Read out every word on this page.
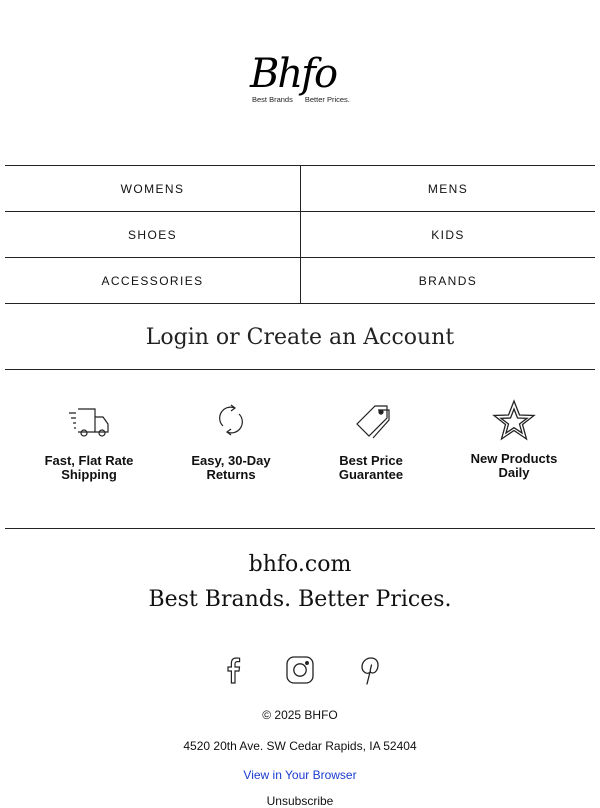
Bhfo
Best Brands Better Prices.
WOMENS	MENS
SHOES	KIDS
ACCESSORIES	BRANDS
Login or Create an Account
Fast, Flat Rate
Shipping
Easy, 30-Day
Returns
Best Price
Guarantee
New Products
Daily
bhfo.com
Best Brands. Better Prices.
© 2025 BHFO
4520 20th Ave. SW Cedar Rapids, IA 52404
View in Your Browser
Unsubscribe
